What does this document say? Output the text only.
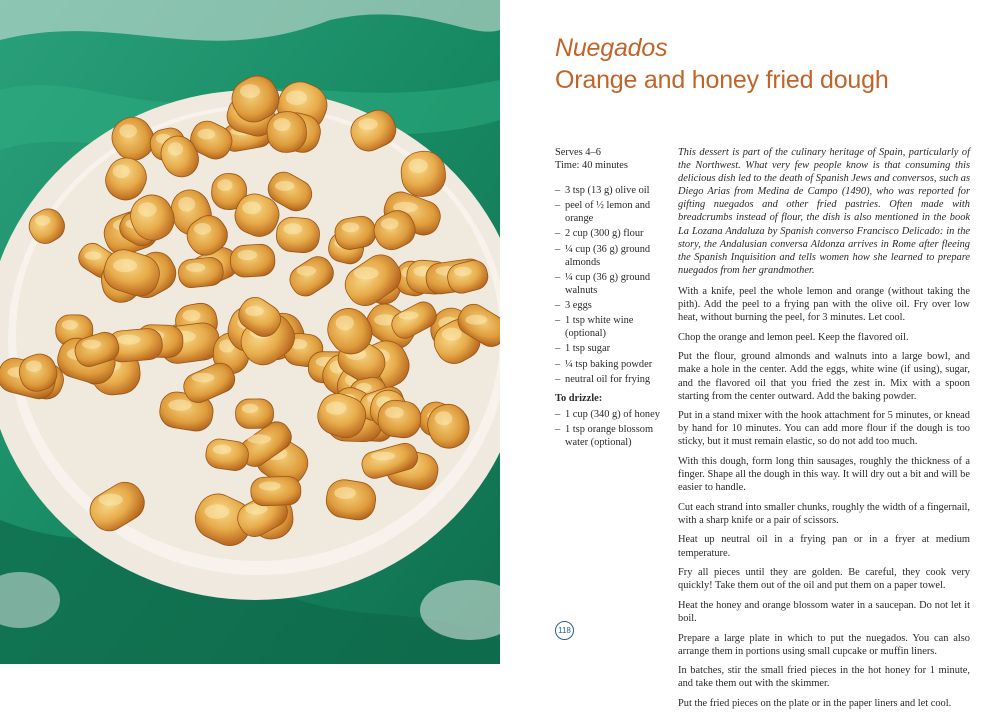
Nuegados
Orange and honey fried dough

Serves 4–6

Time: 40 minutes

– 3 tsp (13 g) olive oil
– peel of ½ lemon and orange
– 2 cup (300 g) flour
– ¼ cup (36 g) ground almonds
– ¼ cup (36 g) ground walnuts
– 3 eggs
– 1 tsp white wine (optional)
– 1 tsp sugar
– ¼ tsp baking powder
– neutral oil for frying
To drizzle:
– 1 cup (340 g) of honey
– 1 tsp orange blossom water (optional)

This dessert is part of the culinary heritage of Spain, particularly of the Northwest. What very few people know is that consuming this delicious dish led to the death of Spanish Jews and conversos, such as Diego Arias from Medina de Campo (1490), who was reported for gifting nuegados and other fried pastries. Often made with breadcrumbs instead of flour, the dish is also mentioned in the book La Lozana Andaluza by Spanish converso Francisco Delicado: in the story, the Andalusian conversa Aldonza arrives in Rome after fleeing the Spanish Inquisition and tells women how she learned to prepare nuegados from her grandmother.

With a knife, peel the whole lemon and orange (without taking the pith). Add the peel to a frying pan with the olive oil. Fry over low heat, without burning the peel, for 3 minutes. Let cool.

Chop the orange and lemon peel. Keep the flavored oil.

Put the flour, ground almonds and walnuts into a large bowl, and make a hole in the center. Add the eggs, white wine (if using), sugar, and the flavored oil that you fried the zest in. Mix with a spoon starting from the center outward. Add the baking powder.

Put in a stand mixer with the hook attachment for 5 minutes, or knead by hand for 10 minutes. You can add more flour if the dough is too sticky, but it must remain elastic, so do not add too much.

With this dough, form long thin sausages, roughly the thickness of a finger. Shape all the dough in this way. It will dry out a bit and will be easier to handle.

Cut each strand into smaller chunks, roughly the width of a fingernail, with a sharp knife or a pair of scissors.

Heat up neutral oil in a frying pan or in a fryer at medium temperature.

Fry all pieces until they are golden. Be careful, they cook very quickly! Take them out of the oil and put them on a paper towel.

Heat the honey and orange blossom water in a saucepan. Do not let it boil.

Prepare a large plate in which to put the nuegados. You can also arrange them in portions using small cupcake or muffin liners.

In batches, stir the small fried pieces in the hot honey for 1 minute, and take them out with the skimmer.

Put the fried pieces on the plate or in the paper liners and let cool.

118
